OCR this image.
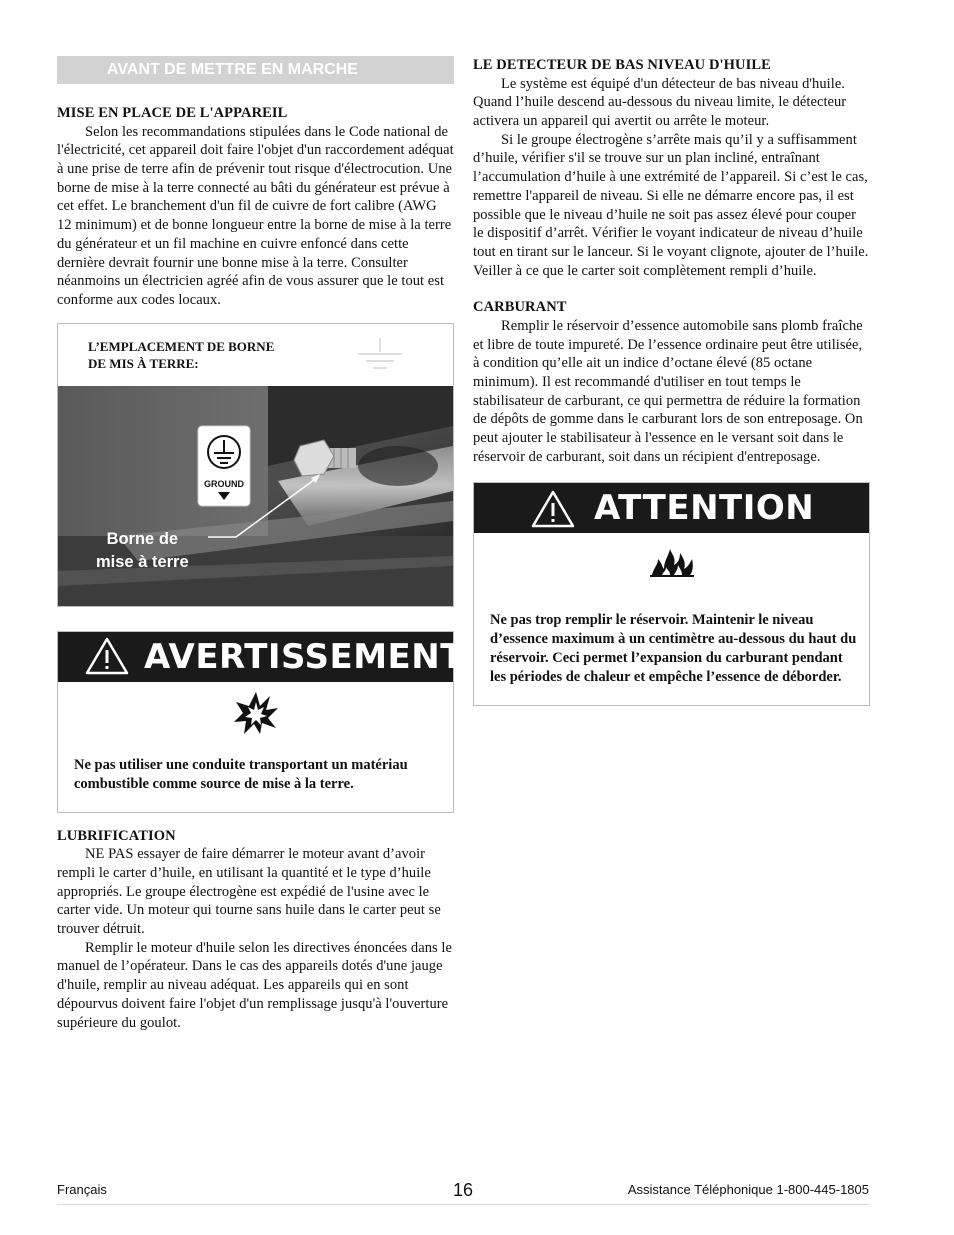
AVANT DE METTRE EN MARCHE
MISE EN PLACE DE L'APPAREIL

Selon les recommandations stipulées dans le Code national de l'électricité, cet appareil doit faire l'objet d'un raccordement adéquat à une prise de terre afin de prévenir tout risque d'électrocution. Une borne de mise à la terre connecté au bâti du générateur est prévue à cet effet. Le branchement d'un fil de cuivre de fort calibre (AWG 12 minimum) et de bonne longueur entre la borne de mise à la terre du générateur et un fil machine en cuivre enfoncé dans cette dernière devrait fournir une bonne mise à la terre. Consulter néanmoins un électricien agréé afin de vous assurer que le tout est conforme aux codes locaux.

L’EMPLACEMENT DE BORNE
DE MIS À TERRE:
GROUND
Borne de
mise à terre
AVERTISSEMENT
Ne pas utiliser une conduite transportant un matériau combustible comme source de mise à la terre.
LUBRIFICATION

NE PAS essayer de faire démarrer le moteur avant d’avoir rempli le carter d’huile, en utilisant la quantité et le type d’huile appropriés. Le groupe électrogène est expédié de l'usine avec le carter vide. Un moteur qui tourne sans huile dans le carter peut se trouver détruit.

Remplir le moteur d'huile selon les directives énoncées dans le manuel de l’opérateur. Dans le cas des appareils dotés d'une jauge d'huile, remplir au niveau adéquat. Les appareils qui en sont dépourvus doivent faire l'objet d'un remplissage jusqu'à l'ouverture supérieure du goulot.

LE DETECTEUR DE BAS NIVEAU D'HUILE

Le système est équipé d'un détecteur de bas niveau d'huile. Quand l’huile descend au-dessous du niveau limite, le détecteur activera un appareil qui avertit ou arrête le moteur.

Si le groupe électrogène s’arrête mais qu’il y a suffisamment d’huile, vérifier s'il se trouve sur un plan incliné, entraînant l’accumulation d’huile à une extrémité de l’appareil. Si c’est le cas, remettre l'appareil de niveau. Si elle ne démarre encore pas, il est possible que le niveau d’huile ne soit pas assez élevé pour couper le dispositif d’arrêt. Vérifier le voyant indicateur de niveau d’huile tout en tirant sur le lanceur. Si le voyant clignote, ajouter de l’huile. Veiller à ce que le carter soit complètement rempli d’huile.

CARBURANT

Remplir le réservoir d’essence automobile sans plomb fraîche et libre de toute impureté. De l’essence ordinaire peut être utilisée, à condition qu’elle ait un indice d’octane élevé (85 octane minimum). Il est recommandé d'utiliser en tout temps le stabilisateur de carburant, ce qui permettra de réduire la formation de dépôts de gomme dans le carburant lors de son entreposage. On peut ajouter le stabilisateur à l'essence en le versant soit dans le réservoir de carburant, soit dans un récipient d'entreposage.

ATTENTION
Ne pas trop remplir le réservoir. Maintenir le niveau d’essence maximum à un centimètre au-dessous du haut du réservoir. Ceci permet l’expansion du carburant pendant les périodes de chaleur et empêche l’essence de déborder.
Français	16	Assistance Téléphonique 1-800-445-1805
